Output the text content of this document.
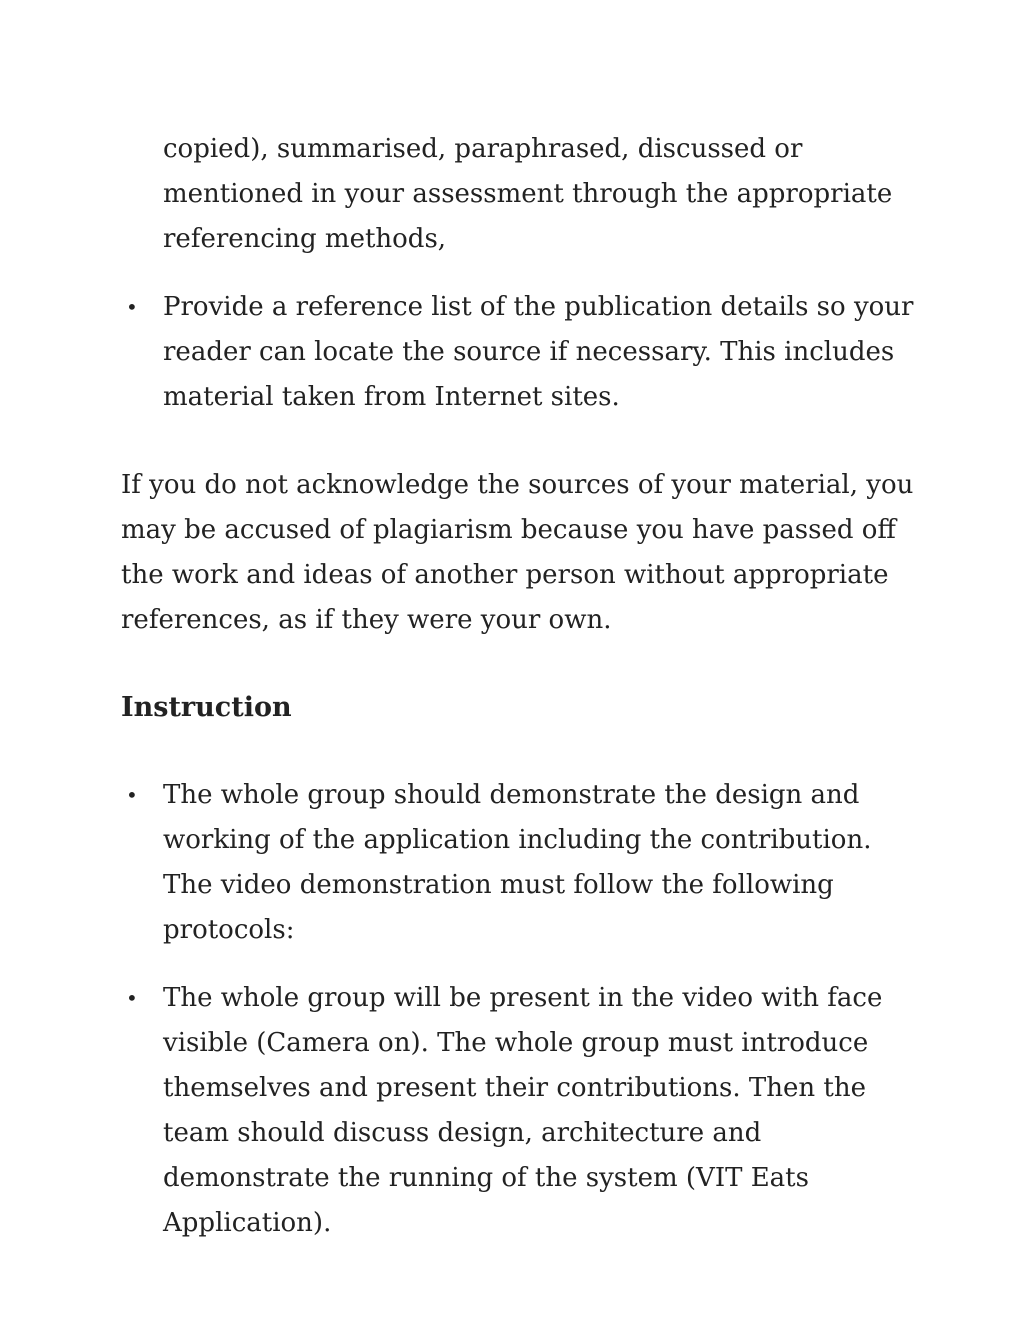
copied), summarised, paraphrased, discussed or mentioned in your assessment through the appropriate referencing methods,

• Provide a reference list of the publication details so your reader can locate the source if necessary. This includes material taken from Internet sites.

If you do not acknowledge the sources of your material, you may be accused of plagiarism because you have passed off the work and ideas of another person without appropriate references, as if they were your own.

Instruction
• The whole group should demonstrate the design and working of the application including the contribution. The video demonstration must follow the following protocols:

• The whole group will be present in the video with face visible (Camera on). The whole group must introduce themselves and present their contributions. Then the team should discuss design, architecture and demonstrate the running of the system (VIT Eats Application).
